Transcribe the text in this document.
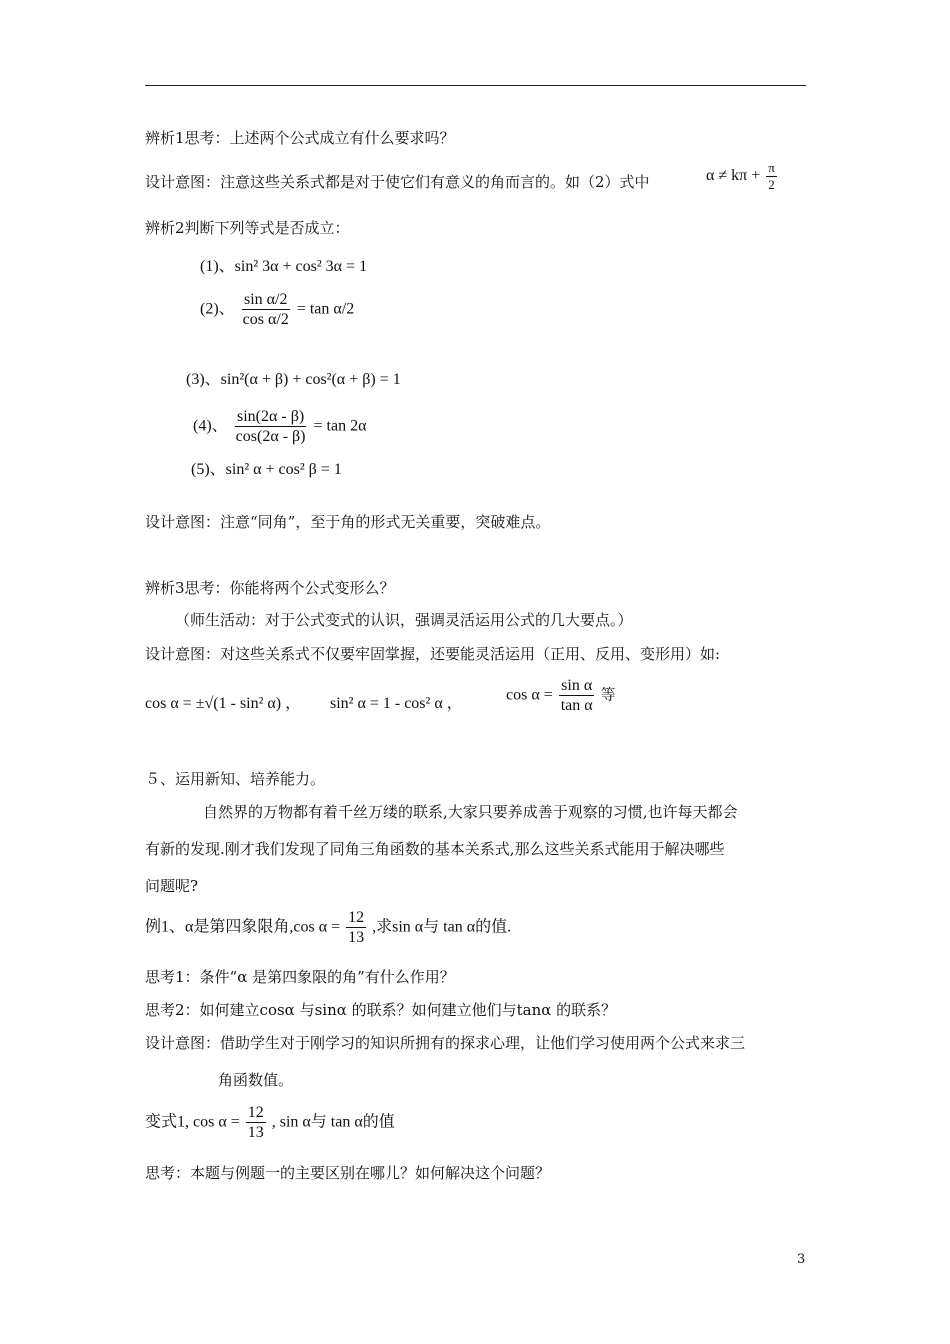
辨析1思考：上述两个公式成立有什么要求吗？
设计意图：注意这些关系式都是对于使它们有意义的角而言的。如（2）式中	$\alpha \ne k\pi + \frac{\pi}{2}$
辨析2判断下列等式是否成立：
(1)、sin² 3α + cos² 3α = 1
(2)、 $\frac{\text{sin α/2}}{\text{cos α/2}} = \tan \alpha/2$
(3)、sin²(α + β) + cos²(α + β) = 1
(4)、 $\frac{\sin(2\alpha - \beta)}{\cos(2\alpha - \beta)} = \tan 2\alpha$
(5)、sin² α + cos² β = 1
设计意图：注意“同角”，至于角的形式无关重要，突破难点。
辨析3思考：你能将两个公式变形么？
（师生活动：对于公式变式的认识，强调灵活运用公式的几大要点。）
设计意图：对这些关系式不仅要牢固掌握，还要能灵活运用（正用、反用、变形用）如:
cos α = ±√(1 - sin² α) ， sin² α = 1 - cos² α ，
$\cos \alpha = \frac{\text{sin α}}{\text{tan α}}$ 等
５、运用新知、培养能力。
自然界的万物都有着千丝万缕的联系,大家只要养成善于观察的习惯,也许每天都会
有新的发现.刚才我们发现了同角三角函数的基本关系式,那么这些关系式能用于解决哪些
问题呢?
例1、α是第四象限角,cos $\alpha = \frac{12}{13}$ ,求sin α与 tan α的值.
思考1：条件“α 是第四象限的角”有什么作用？
思考2：如何建立cosα 与sinα 的联系？如何建立他们与tanα 的联系？
设计意图：借助学生对于刚学习的知识所拥有的探求心理，让他们学习使用两个公式来求三
角函数值。
变式1, $\cos \alpha = \frac{12}{13}$ , sin α与 tan α的值
思考：本题与例题一的主要区别在哪儿？如何解决这个问题？
3
